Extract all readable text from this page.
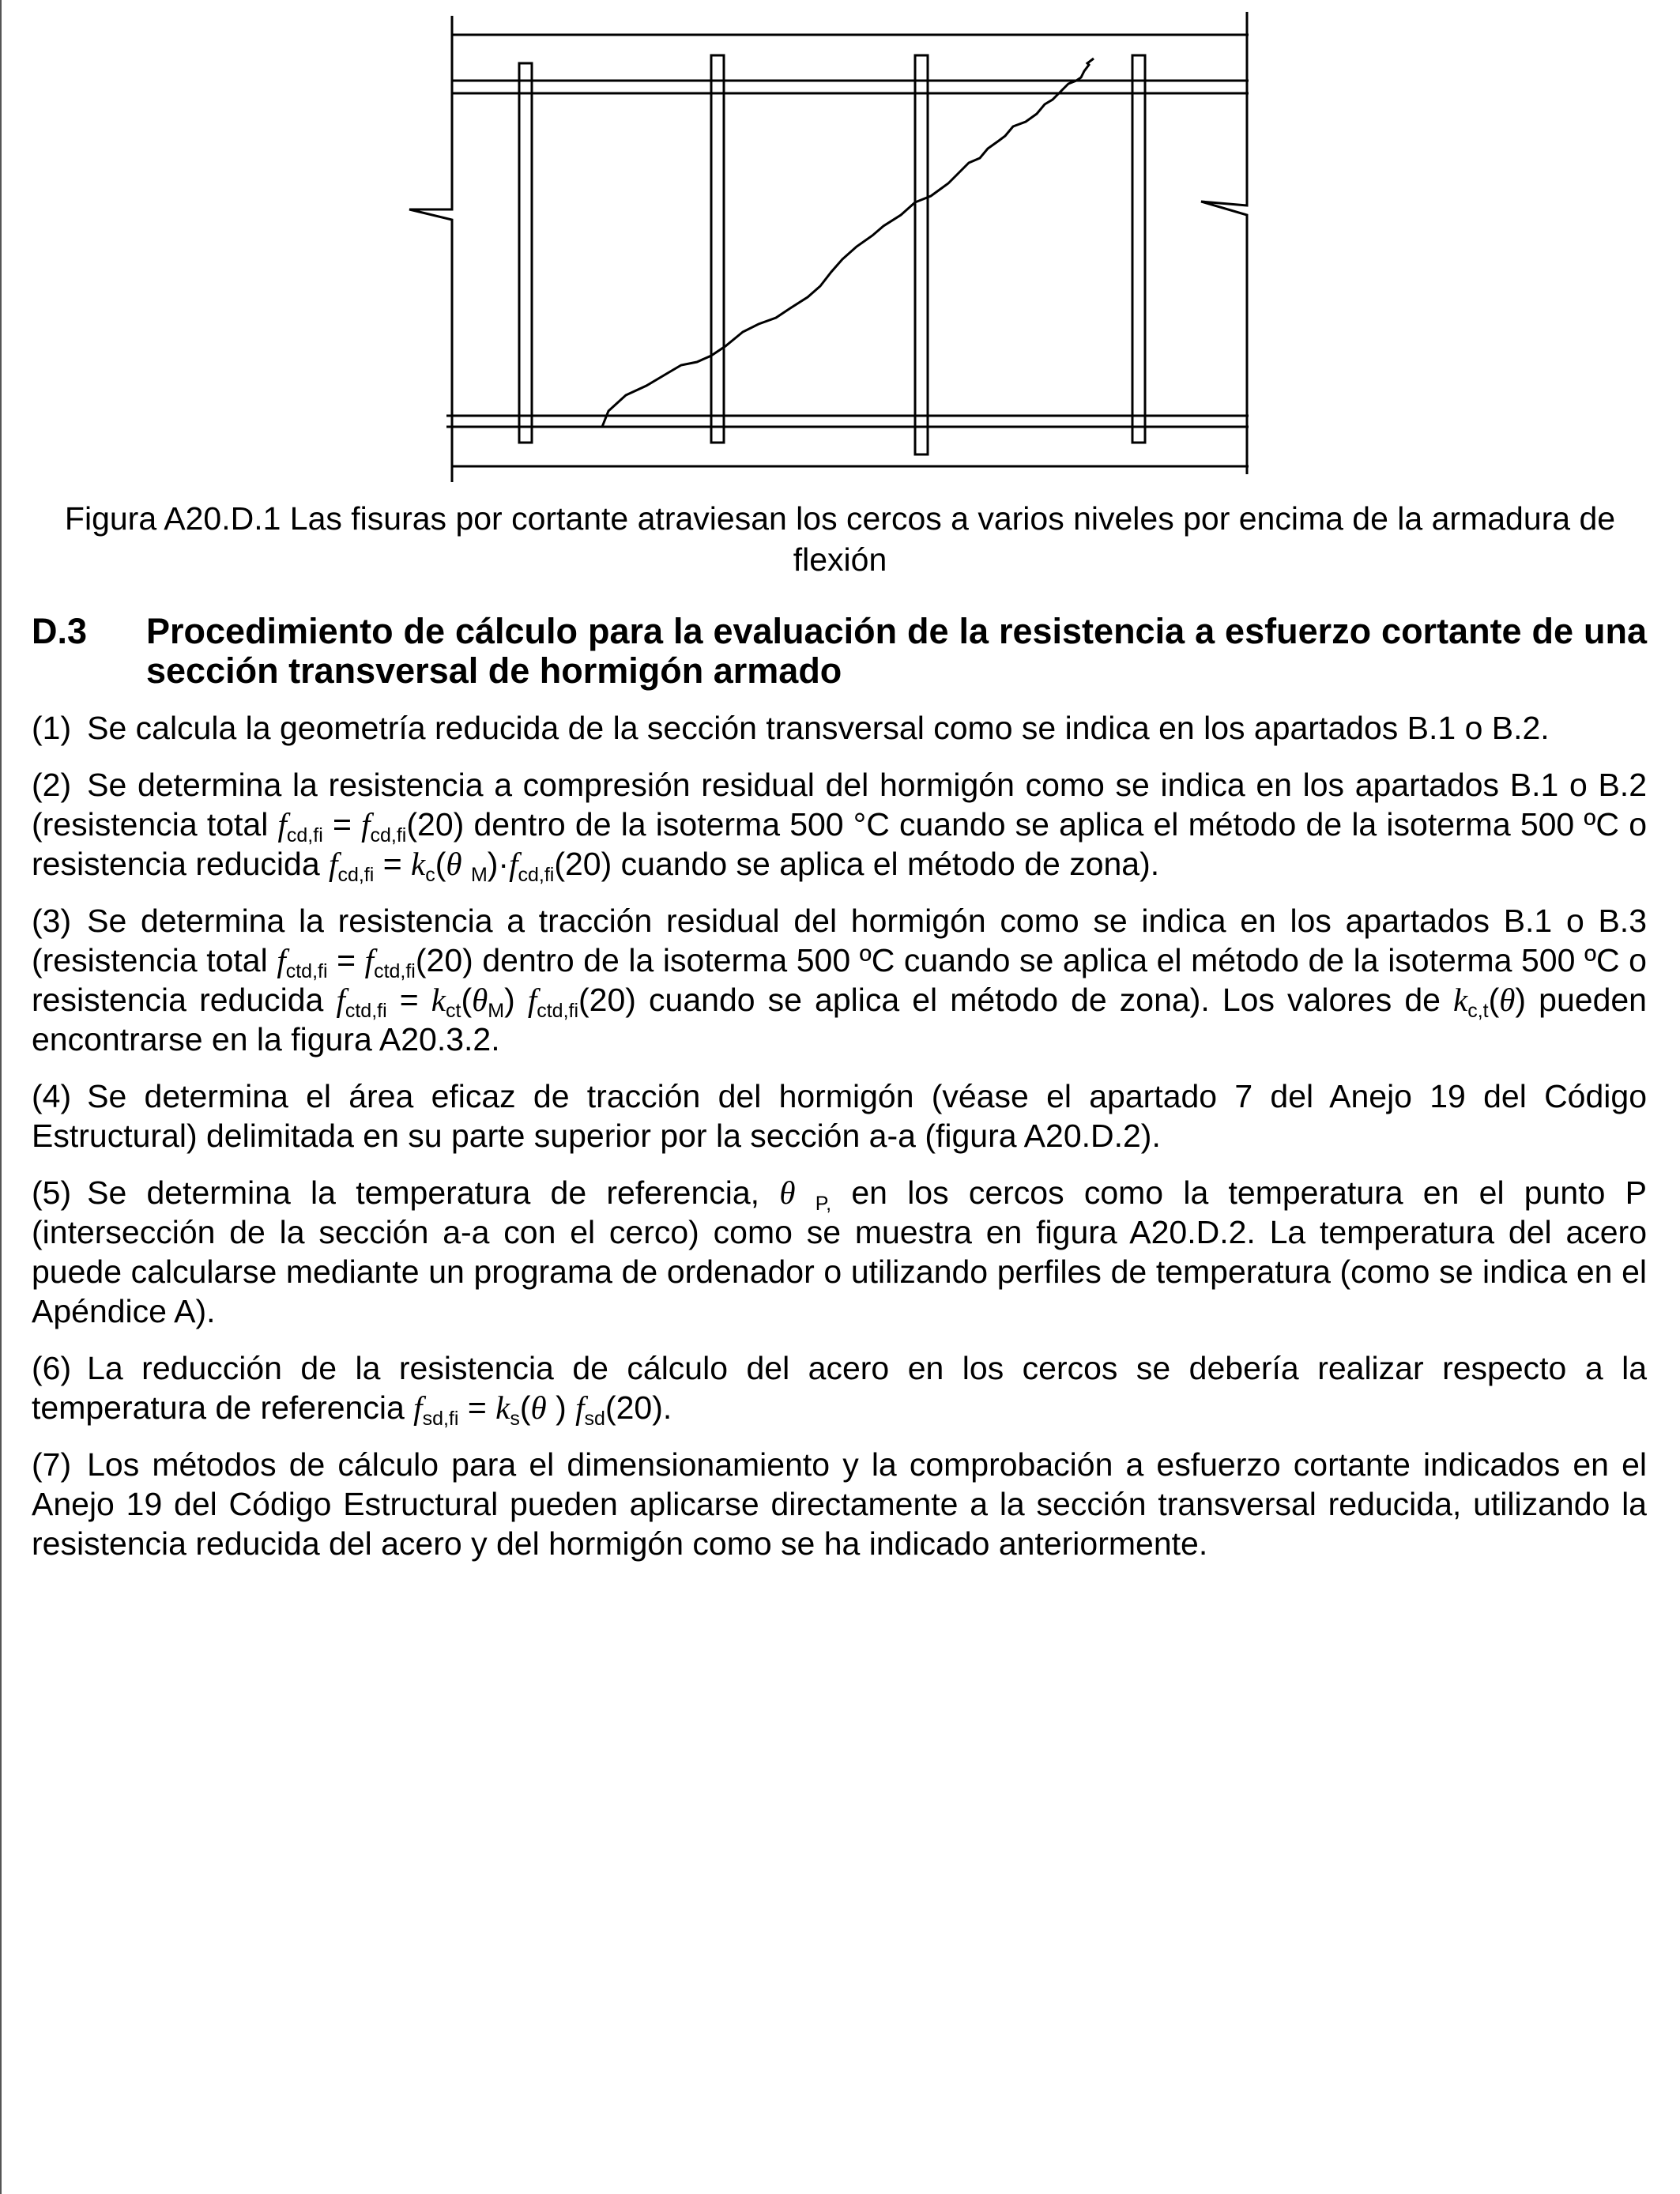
Figura A20.D.1 Las fisuras por cortante atraviesan los cercos a varios niveles por encima de la armadura de flexión
D.3	Procedimiento de cálculo para la evaluación de la resistencia a esfuerzo cortante de una sección transversal de hormigón armado

(1) Se calcula la geometría reducida de la sección transversal como se indica en los apartados B.1 o B.2.

(2) Se determina la resistencia a compresión residual del hormigón como se indica en los apartados B.1 o B.2 (resistencia total $f_{cd,fi} = f_{cd,fi}(20)$ dentro de la isoterma 500 °C cuando se aplica el método de la isoterma 500 ºC o resistencia reducida $f_{cd,fi} = k_c(\theta$ $_M)\cdot f_{cd,fi}(20)$ cuando se aplica el método de zona).

(3) Se determina la resistencia a tracción residual del hormigón como se indica en los apartados B.1 o B.3 (resistencia total $f_{ctd,fi} = f_{ctd,fi}(20)$ dentro de la isoterma 500 ºC cuando se aplica el método de la isoterma 500 ºC o resistencia reducida $f_{ctd,fi} = k_{ct}(\theta_M)$ $f_{ctd,fi}(20)$ cuando se aplica el método de zona). Los valores de $k_{c,t}(\theta)$ pueden encontrarse en la figura A20.3.2.

(4) Se determina el área eficaz de tracción del hormigón (véase el apartado 7 del Anejo 19 del Código Estructural) delimitada en su parte superior por la sección a-a (figura A20.D.2).

(5) Se determina la temperatura de referencia, θ $_{P,}$ en los cercos como la temperatura en el punto P (intersección de la sección a-a con el cerco) como se muestra en figura A20.D.2. La temperatura del acero puede calcularse mediante un programa de ordenador o utilizando perfiles de temperatura (como se indica en el Apéndice A).

(6) La reducción de la resistencia de cálculo del acero en los cercos se debería realizar respecto a la temperatura de referencia $f_{sd,fi} = k_s(\theta$ ) $f_{sd}(20)$.

(7) Los métodos de cálculo para el dimensionamiento y la comprobación a esfuerzo cortante indicados en el Anejo 19 del Código Estructural pueden aplicarse directamente a la sección transversal reducida, utilizando la resistencia reducida del acero y del hormigón como se ha indicado anteriormente.
